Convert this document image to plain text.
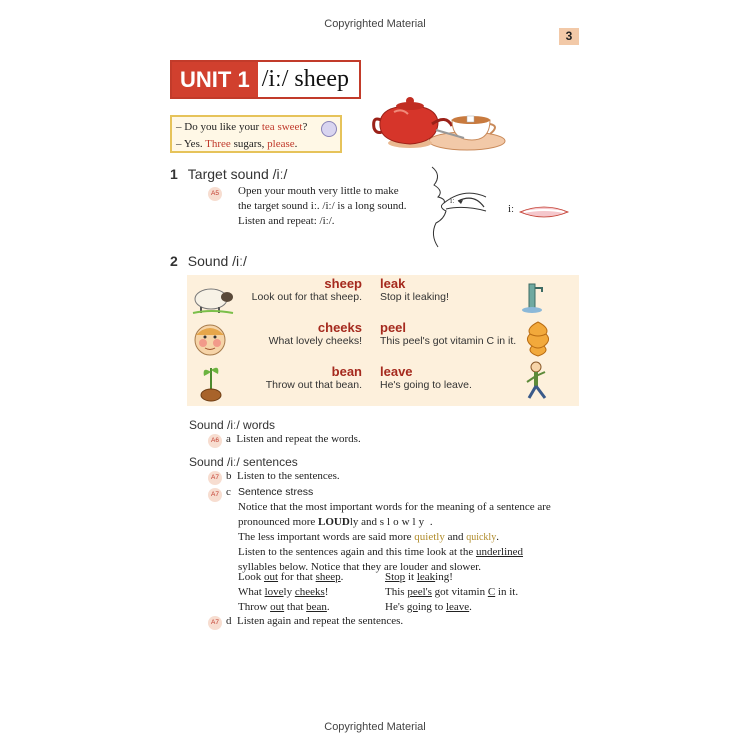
Copyrighted Material
3
UNIT 1 /iː/ sheep
– Do you like your tea sweet?
– Yes. Three sugars, please.
1 Target sound /iː/
A5 Open your mouth very little to make
the target sound iː. /iː/ is a long sound.
Listen and repeat: /iː/.
iː
iː
2 Sound /iː/
sheep
Look out for that sheep.
leak
Stop it leaking!
cheeks
What lovely cheeks!
peel
This peel's got vitamin C in it.
bean
Throw out that bean.
leave
He's going to leave.
Sound /iː/ words
A6 a Listen and repeat the words.
Sound /iː/ sentences
A7 b Listen to the sentences.
A7 c Sentence stress
Notice that the most important words for the meaning of a sentence are
pronounced more LOUDly and slowly .
The less important words are said more quietly and quickly.
Listen to the sentences again and this time look at the underlined
syllables below. Notice that they are louder and slower.
Look out for that sheep.
What lovely cheeks!
Throw out that bean.
Stop it leaking!
This peel's got vitamin C in it.
He's going to leave.
A7 d Listen again and repeat the sentences.
Copyrighted Material
